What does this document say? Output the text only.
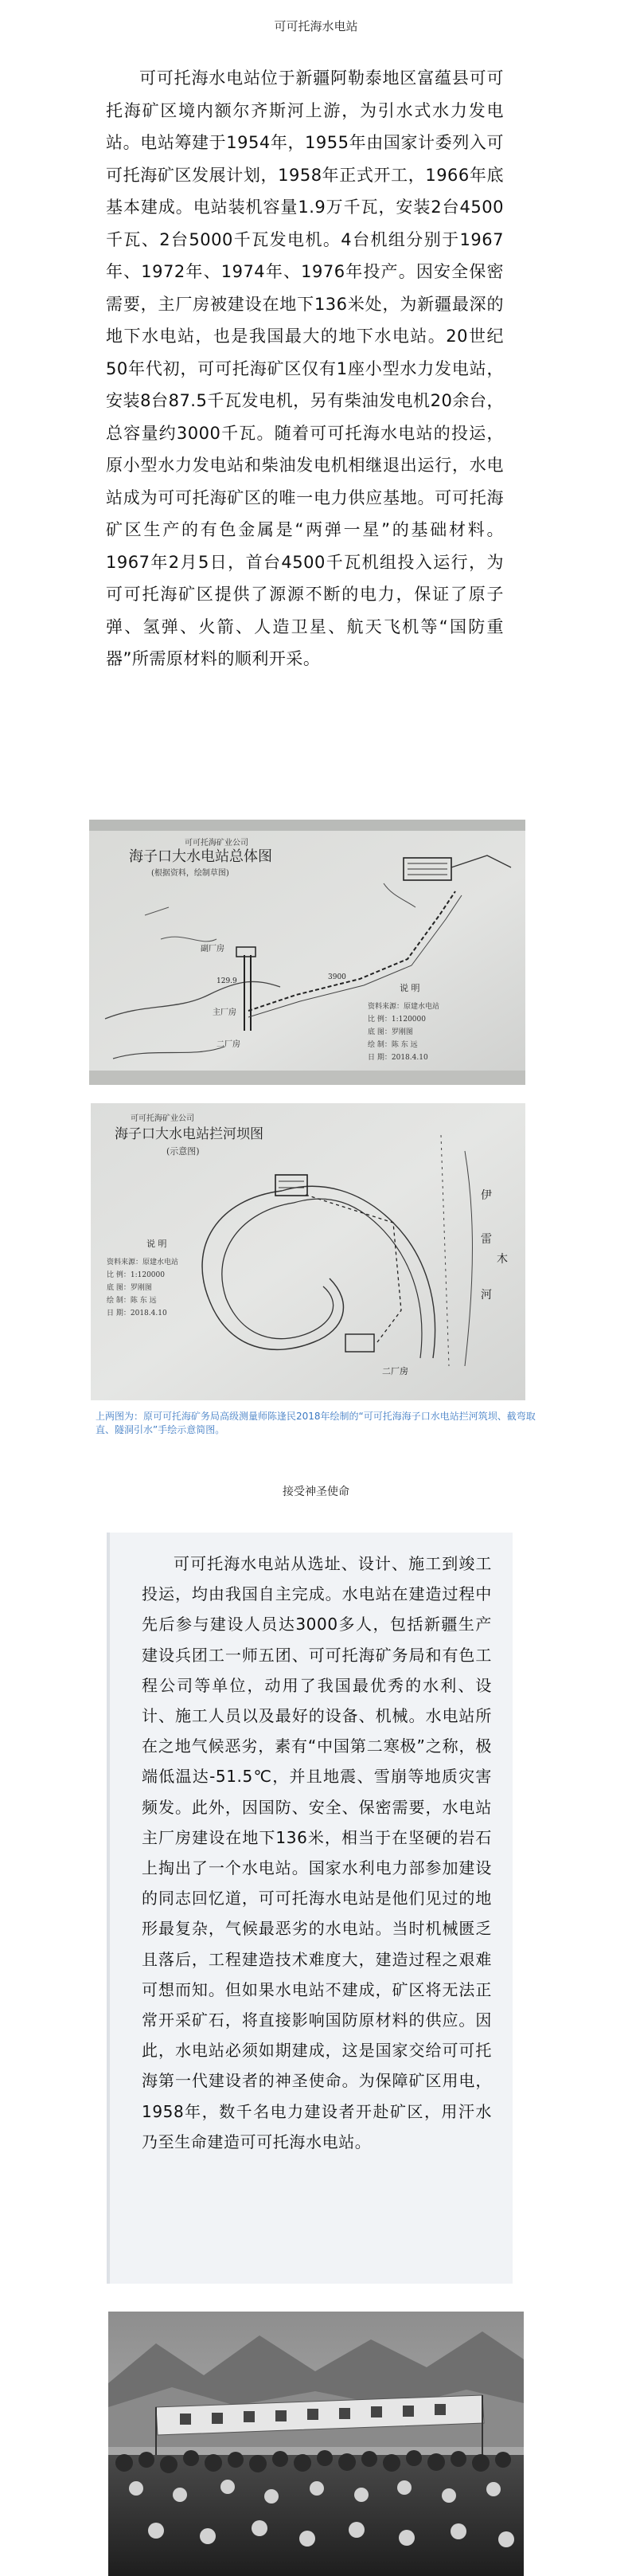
可可托海水电站

可可托海水电站位于新疆阿勒泰地区富蕴县可可托海矿区境内额尔齐斯河上游，为引水式水力发电站。电站筹建于1954年，1955年由国家计委列入可可托海矿区发展计划，1958年正式开工，1966年底基本建成。电站装机容量1.9万千瓦，安装2台4500千瓦、2台5000千瓦发电机。4台机组分别于1967年、1972年、1974年、1976年投产。因安全保密需要，主厂房被建设在地下136米处，为新疆最深的地下水电站，也是我国最大的地下水电站。20世纪50年代初，可可托海矿区仅有1座小型水力发电站，安装8台87.5千瓦发电机，另有柴油发电机20余台，总容量约3000千瓦。随着可可托海水电站的投运，原小型水力发电站和柴油发电机相继退出运行，水电站成为可可托海矿区的唯一电力供应基地。可可托海矿区生产的有色金属是“两弹一星”的基础材料。1967年2月5日，首台4500千瓦机组投入运行，为可可托海矿区提供了源源不断的电力，保证了原子弹、氢弹、火箭、人造卫星、航天飞机等“国防重器”所需原材料的顺利开采。

可可托海矿业公司
海子口大水电站总体图
(根据资料，绘制草图)
副厂房
129.9
主厂房
二厂房
3900
说 明
资料来源：原建水电站
比 例：1:120000
底 图：罗刚图
绘 制：陈 东 远
日 期：2018.4.10
可可托海矿业公司
海子口大水电站拦河坝图
(示意图)
伊
雷
木
河
二厂房
说 明
资料来源：原建水电站
比 例：1:120000
底 图：罗刚图
绘 制：陈 东 远
日 期：2018.4.10

上两图为：原可可托海矿务局高级测量师陈逢民2018年绘制的“可可托海海子口水电站拦河筑坝、截弯取直、隧洞引水”手绘示意简图。

接受神圣使命

可可托海水电站从选址、设计、施工到竣工投运，均由我国自主完成。水电站在建造过程中先后参与建设人员达3000多人，包括新疆生产建设兵团工一师五团、可可托海矿务局和有色工程公司等单位，动用了我国最优秀的水利、设计、施工人员以及最好的设备、机械。水电站所在之地气候恶劣，素有“中国第二寒极”之称，极端低温达-51.5℃，并且地震、雪崩等地质灾害频发。此外，因国防、安全、保密需要，水电站主厂房建设在地下136米，相当于在坚硬的岩石上掏出了一个水电站。国家水利电力部参加建设的同志回忆道，可可托海水电站是他们见过的地形最复杂，气候最恶劣的水电站。当时机械匮乏且落后，工程建造技术难度大，建造过程之艰难可想而知。但如果水电站不建成，矿区将无法正常开采矿石，将直接影响国防原材料的供应。因此，水电站必须如期建成，这是国家交给可可托海第一代建设者的神圣使命。为保障矿区用电，1958年，数千名电力建设者开赴矿区，用汗水乃至生命建造可可托海水电站。
